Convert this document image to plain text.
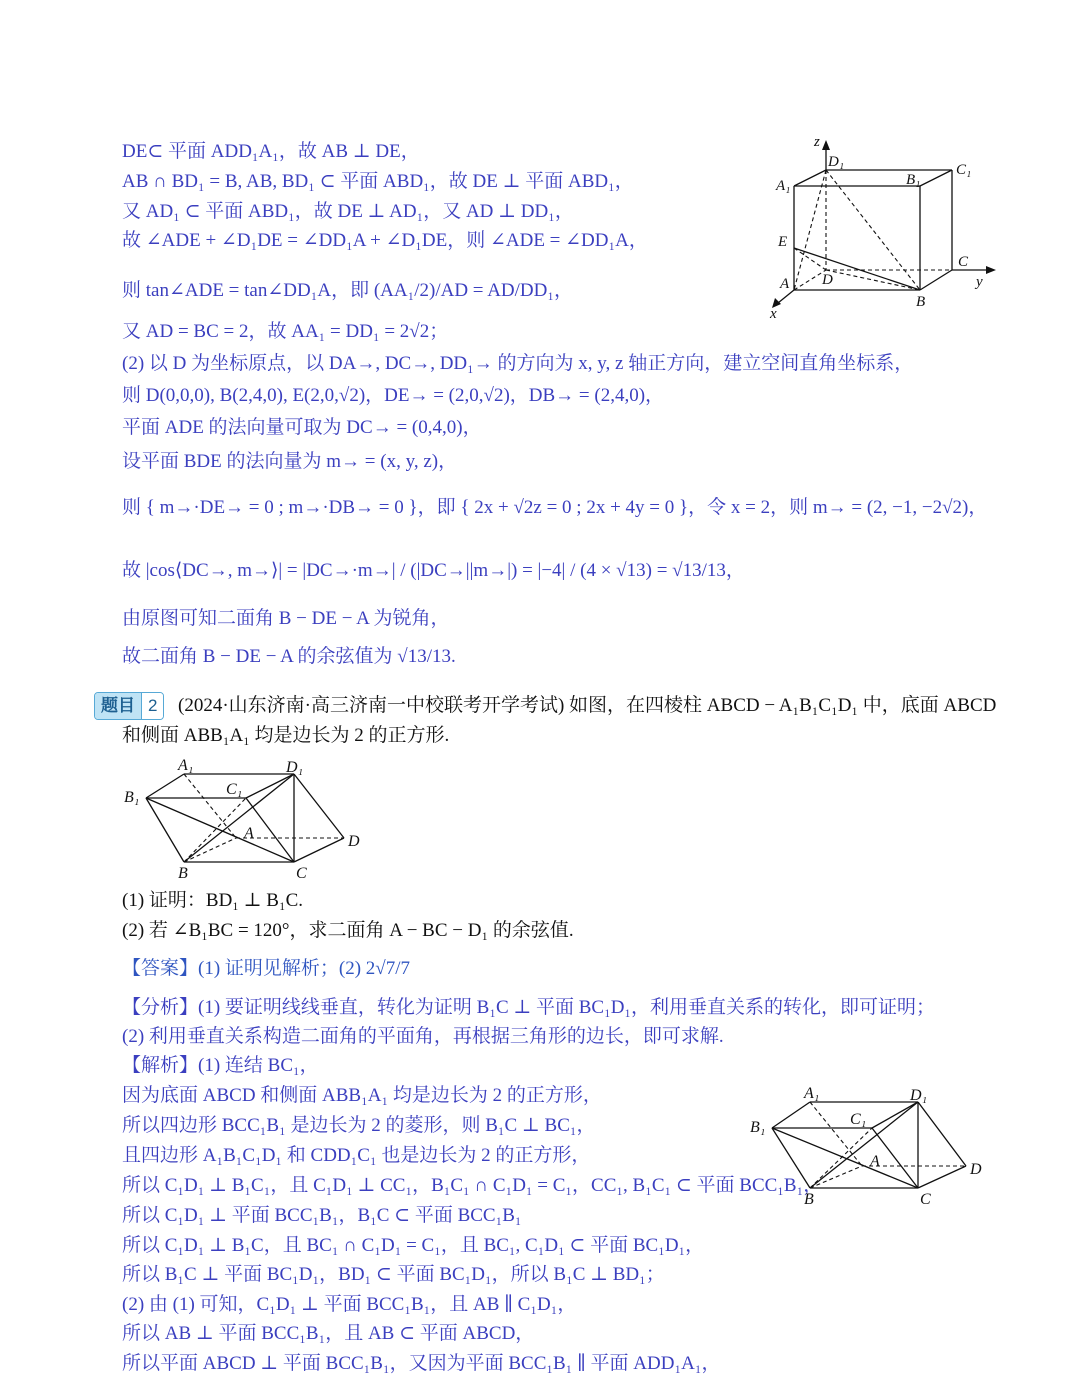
DE⊂ 平面 ADD₁A₁，故 AB ⊥ DE，
AB ∩ BD₁ = B, AB, BD₁ ⊂ 平面 ABD₁，故 DE ⊥ 平面 ABD₁，
又 AD₁ ⊂ 平面 ABD₁，故 DE ⊥ AD₁，又 AD ⊥ DD₁，
故 ∠ADE + ∠D₁DE = ∠DD₁A + ∠D₁DE，则 ∠ADE = ∠DD₁A，
则 tan∠ADE = tan∠DD₁A，即 (AA₁/2)/AD = AD/DD₁，
又 AD = BC = 2，故 AA₁ = DD₁ = 2√2；
(2) 以 D 为坐标原点，以 DA→, DC→, DD₁→ 的方向为 x, y, z 轴正方向，建立空间直角坐标系，
则 D(0,0,0), B(2,4,0), E(2,0,√2)，DE→ = (2,0,√2)，DB→ = (2,4,0)，
平面 ADE 的法向量可取为 DC→ = (0,4,0)，
设平面 BDE 的法向量为 m→ = (x, y, z)，
则 { m→·DE→ = 0 ; m→·DB→ = 0 }，即 { 2x + √2z = 0 ; 2x + 4y = 0 }，令 x = 2，则 m→ = (2, −1, −2√2)，
故 |cos⟨DC→, m→⟩| = |DC→·m→| / (|DC→||m→|) = |−4| / (4 × √13) = √13/13，
由原图可知二面角 B − DE − A 为锐角，
故二面角 B − DE − A 的余弦值为 √13/13.
z
D₁	C₁
A₁	B₁
E
C
A D	y
B
x
题目 2	(2024·山东济南·高三济南一中校联考开学考试) 如图，在四棱柱 ABCD − A₁B₁C₁D₁ 中，底面 ABCD
和侧面 ABB₁A₁ 均是边长为 2 的正方形.
A₁	D₁
C₁
B₁
A	D
B	C
(1) 证明：BD₁ ⊥ B₁C.
(2) 若 ∠B₁BC = 120°，求二面角 A − BC − D₁ 的余弦值.
【答案】(1) 证明见解析；(2) 2√7/7
【分析】(1) 要证明线线垂直，转化为证明 B₁C ⊥ 平面 BC₁D₁，利用垂直关系的转化，即可证明；
(2) 利用垂直关系构造二面角的平面角，再根据三角形的边长，即可求解.
【解析】(1) 连结 BC₁，
因为底面 ABCD 和侧面 ABB₁A₁ 均是边长为 2 的正方形，
所以四边形 BCC₁B₁ 是边长为 2 的菱形，则 B₁C ⊥ BC₁，
且四边形 A₁B₁C₁D₁ 和 CDD₁C₁ 也是边长为 2 的正方形，
所以 C₁D₁ ⊥ B₁C₁，且 C₁D₁ ⊥ CC₁，B₁C₁ ∩ C₁D₁ = C₁，CC₁, B₁C₁ ⊂ 平面 BCC₁B₁，
所以 C₁D₁ ⊥ 平面 BCC₁B₁，B₁C ⊂ 平面 BCC₁B₁
所以 C₁D₁ ⊥ B₁C，且 BC₁ ∩ C₁D₁ = C₁，且 BC₁, C₁D₁ ⊂ 平面 BC₁D₁，
所以 B₁C ⊥ 平面 BC₁D₁，BD₁ ⊂ 平面 BC₁D₁，所以 B₁C ⊥ BD₁；
(2) 由 (1) 可知，C₁D₁ ⊥ 平面 BCC₁B₁，且 AB ∥ C₁D₁，
所以 AB ⊥ 平面 BCC₁B₁，且 AB ⊂ 平面 ABCD，
所以平面 ABCD ⊥ 平面 BCC₁B₁，又因为平面 BCC₁B₁ ∥ 平面 ADD₁A₁，
A₁	D₁
C₁
B₁
A	D
B	C
